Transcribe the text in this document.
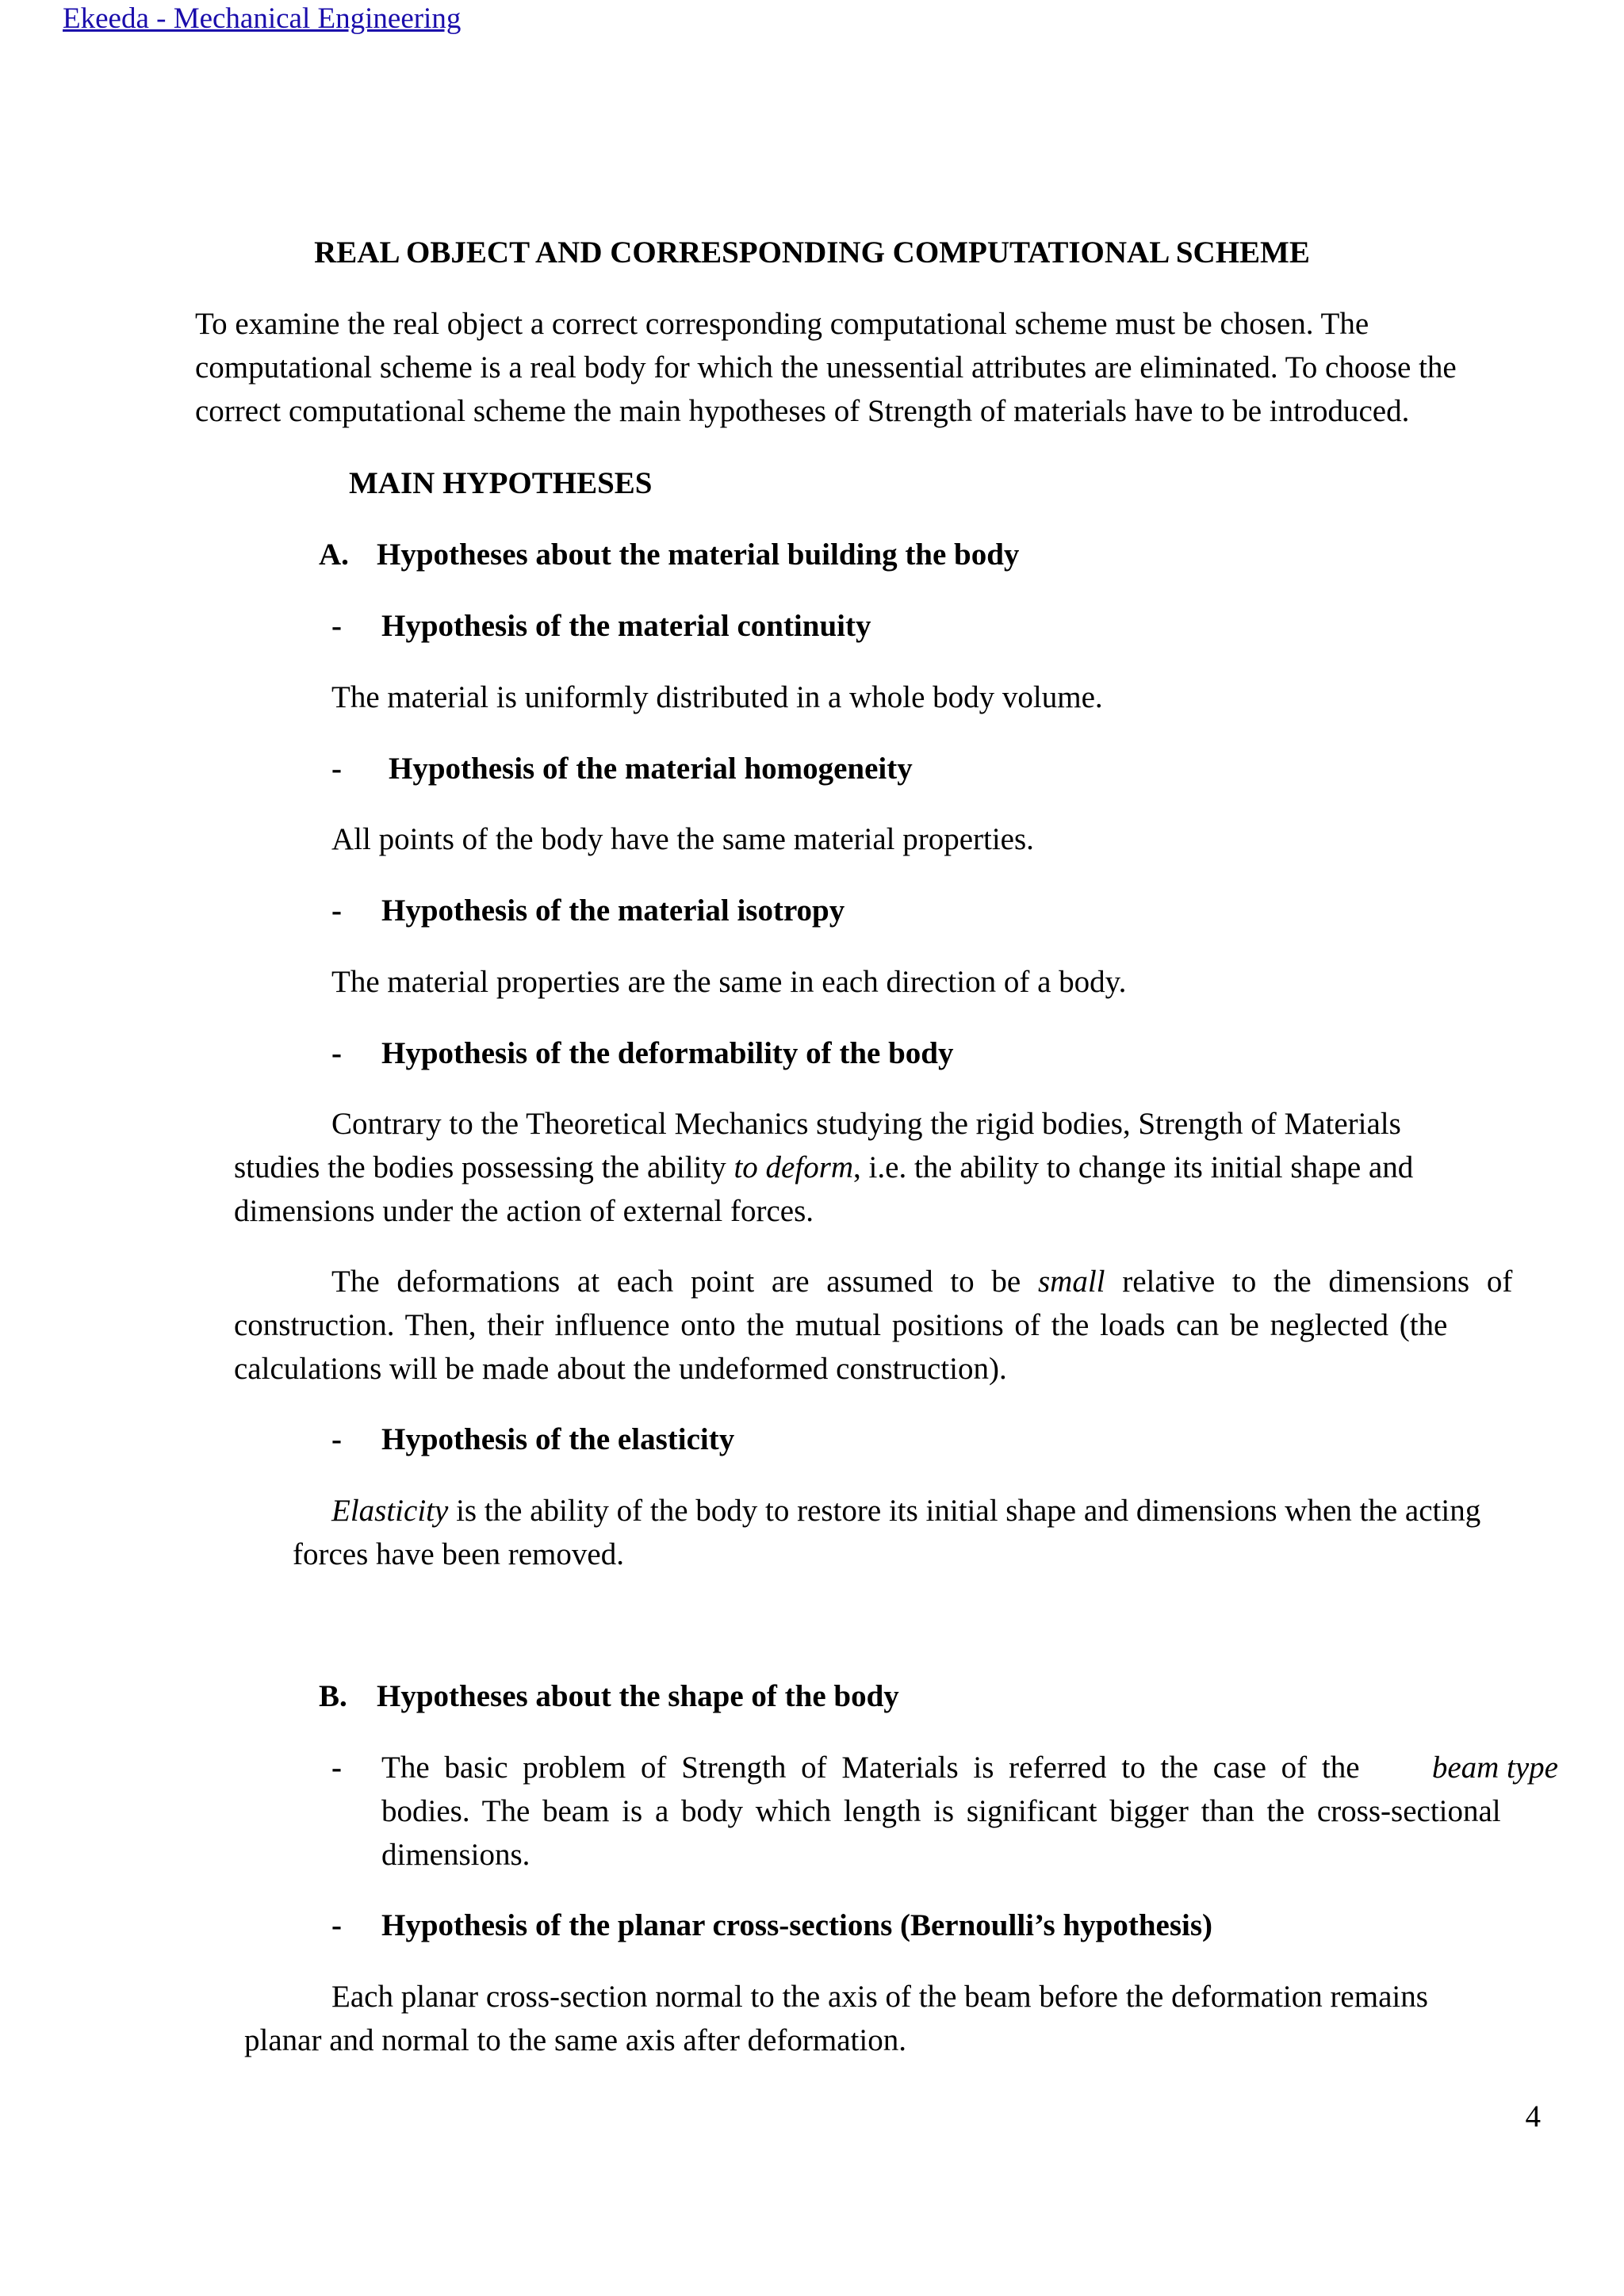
Ekeeda - Mechanical Engineering
REAL OBJECT AND CORRESPONDING COMPUTATIONAL SCHEME
To examine the real object a correct corresponding computational scheme must be chosen. The
computational scheme is a real body for which the unessential attributes are eliminated. To choose the
correct computational scheme the main hypotheses of Strength of materials have to be introduced.
MAIN HYPOTHESES
A. Hypotheses about the material building the body
- Hypothesis of the material continuity
The material is uniformly distributed in a whole body volume.
- Hypothesis of the material homogeneity
All points of the body have the same material properties.
- Hypothesis of the material isotropy
The material properties are the same in each direction of a body.
- Hypothesis of the deformability of the body
Contrary to the Theoretical Mechanics studying the rigid bodies, Strength of Materials
studies the bodies possessing the ability to deform, i.e. the ability to change its initial shape and
dimensions under the action of external forces.
The deformations at each point are assumed to be small relative to the dimensions of
construction. Then, their influence onto the mutual positions of the loads can be neglected (the
calculations will be made about the undeformed construction).
- Hypothesis of the elasticity
Elasticity is the ability of the body to restore its initial shape and dimensions when the acting
forces have been removed.
B. Hypotheses about the shape of the body
- The basic problem of Strength of Materials is referred to the case of the beam type
bodies. The beam is a body which length is significant bigger than the cross-sectional
dimensions.
- Hypothesis of the planar cross-sections (Bernoulli’s hypothesis)
Each planar cross-section normal to the axis of the beam before the deformation remains
planar and normal to the same axis after deformation.
4
